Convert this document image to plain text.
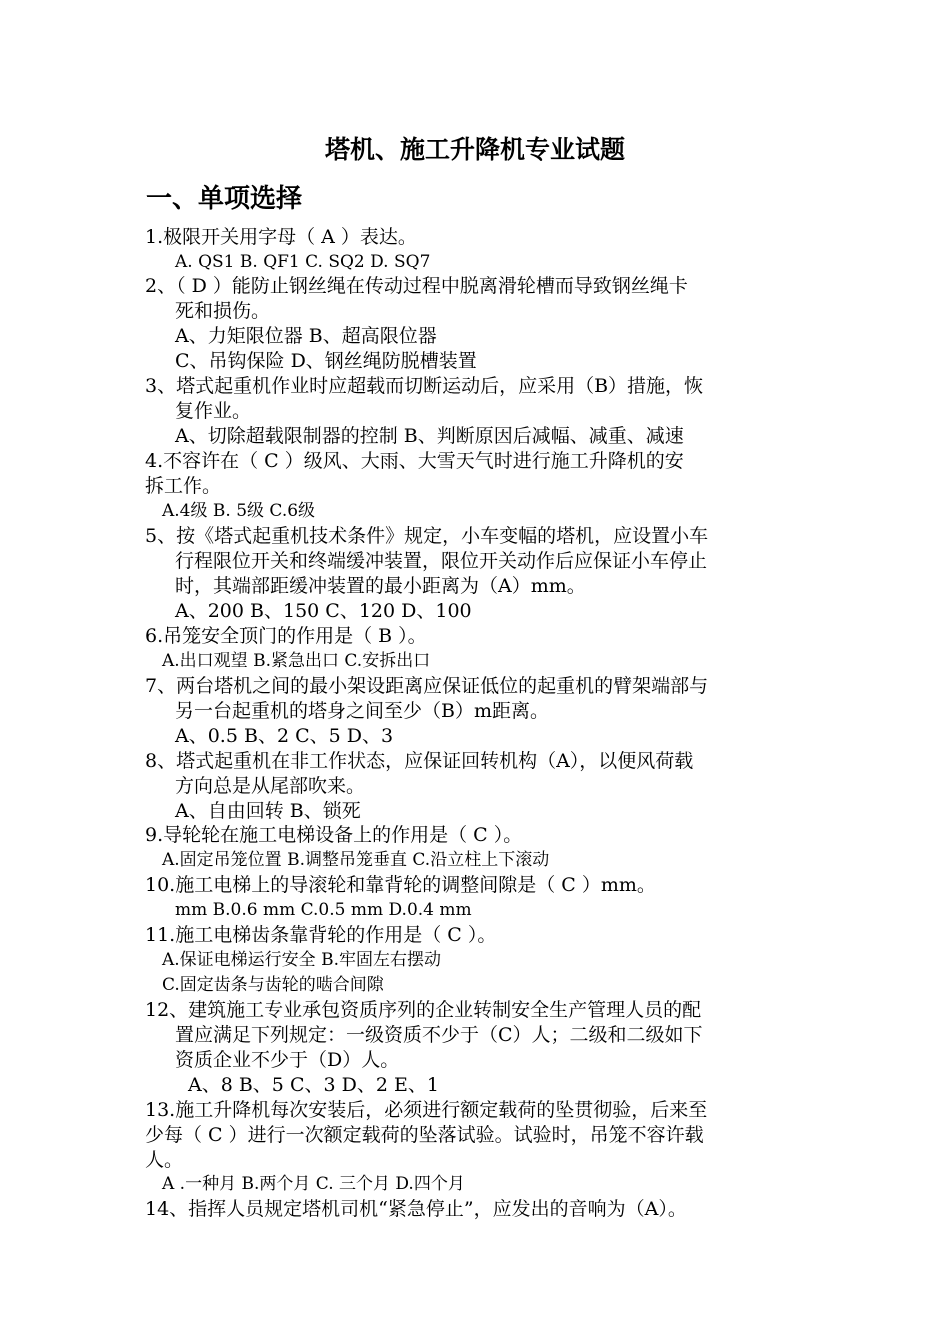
塔机、施工升降机专业试题
一、单项选择
1.极限开关用字母（ A ）表达。
A. QS1 B. QF1 C. SQ2 D. SQ7
2、（ D ）能防止钢丝绳在传动过程中脱离滑轮槽而导致钢丝绳卡
死和损伤。
A、力矩限位器 B、超高限位器
C、吊钩保险 D、钢丝绳防脱槽装置
3、塔式起重机作业时应超载而切断运动后，应采用（B）措施，恢
复作业。
A、切除超载限制器的控制 B、判断原因后减幅、减重、减速
4.不容许在（ C ）级风、大雨、大雪天气时进行施工升降机的安
拆工作。
A.4级 B. 5级 C.6级
5、按《塔式起重机技术条件》规定，小车变幅的塔机，应设置小车
行程限位开关和终端缓冲装置，限位开关动作后应保证小车停止
时，其端部距缓冲装置的最小距离为（A）mm。
A、200 B、150 C、120 D、100
6.吊笼安全顶门的作用是（ B ）。
A.出口观望 B.紧急出口 C.安拆出口
7、两台塔机之间的最小架设距离应保证低位的起重机的臂架端部与
另一台起重机的塔身之间至少（B）m距离。
A、0.5 B、2 C、5 D、3
8、塔式起重机在非工作状态，应保证回转机构（A），以便风荷载
方向总是从尾部吹来。
A、自由回转 B、锁死
9.导轮轮在施工电梯设备上的作用是（ C ）。
A.固定吊笼位置 B.调整吊笼垂直 C.沿立柱上下滚动
10.施工电梯上的导滚轮和靠背轮的调整间隙是（ C ）mm。
mm B.0.6 mm C.0.5 mm D.0.4 mm
11.施工电梯齿条靠背轮的作用是（ C ）。
A.保证电梯运行安全 B.牢固左右摆动
C.固定齿条与齿轮的啮合间隙
12、建筑施工专业承包资质序列的企业转制安全生产管理人员的配
置应满足下列规定：一级资质不少于（C）人；二级和二级如下
资质企业不少于（D）人。
A、8 B、5 C、3 D、2 E、1
13.施工升降机每次安装后，必须进行额定载荷的坠贯彻验，后来至
少每（ C ）进行一次额定载荷的坠落试验。试验时，吊笼不容许载
人。
A .一种月 B.两个月 C. 三个月 D.四个月
14、指挥人员规定塔机司机“紧急停止”，应发出的音响为（A）。
